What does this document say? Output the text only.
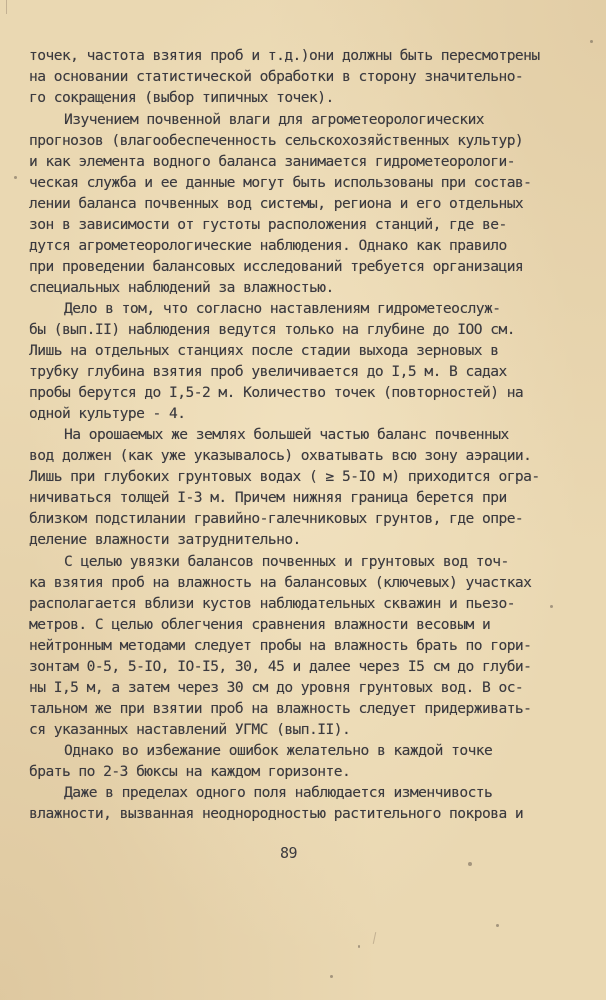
точек, частота взятия проб и т.д.)они должны быть пересмотрены
на основании статистической обработки в сторону значительно-
го сокращения (выбор типичных точек).
Изучением почвенной влаги для агрометеорологических
прогнозов (влагообеспеченность сельскохозяйственных культур)
и как элемента водного баланса занимается гидрометеорологи-
ческая служба и ее данные могут быть использованы при состав-
лении баланса почвенных вод системы, региона и его отдельных
зон в зависимости от густоты расположения станций, где ве-
дутся агрометеорологические наблюдения. Однако как правило
при проведении балансовых исследований требуется организация
специальных наблюдений за влажностью.
Дело в том, что согласно наставлениям гидрометеослуж-
бы (вып.II) наблюдения ведутся только на глубине до IOO см.
Лишь на отдельных станциях после стадии выхода зерновых в
трубку глубина взятия проб увеличивается до I,5 м. В садах
пробы берутся до I,5-2 м. Количество точек (повторностей) на
одной культуре - 4.
На орошаемых же землях большей частью баланс почвенных
вод должен (как уже указывалось) охватывать всю зону аэрации.
Лишь при глубоких грунтовых водах ( ≥ 5-IO м) приходится огра-
ничиваться толщей I-3 м. Причем нижняя граница берется при
близком подстилании гравийно-галечниковых грунтов, где опре-
деление влажности затруднительно.
С целью увязки балансов почвенных и грунтовых вод точ-
ка взятия проб на влажность на балансовых (ключевых) участках
располагается вблизи кустов наблюдательных скважин и пьезо-
метров. С целью облегчения сравнения влажности весовым и
нейтронным методами следует пробы на влажность брать по гори-
зонтам 0-5, 5-IO, IO-I5, 30, 45 и далее через I5 см до глуби-
ны I,5 м, а затем через 30 см до уровня грунтовых вод. В ос-
тальном же при взятии проб на влажность следует придерживать-
ся указанных наставлений УГМС (вып.II).
Однако во избежание ошибок желательно в каждой точке
брать по 2-3 бюксы на каждом горизонте.
Даже в пределах одного поля наблюдается изменчивость
влажности, вызванная неоднородностью растительного покрова и
89
